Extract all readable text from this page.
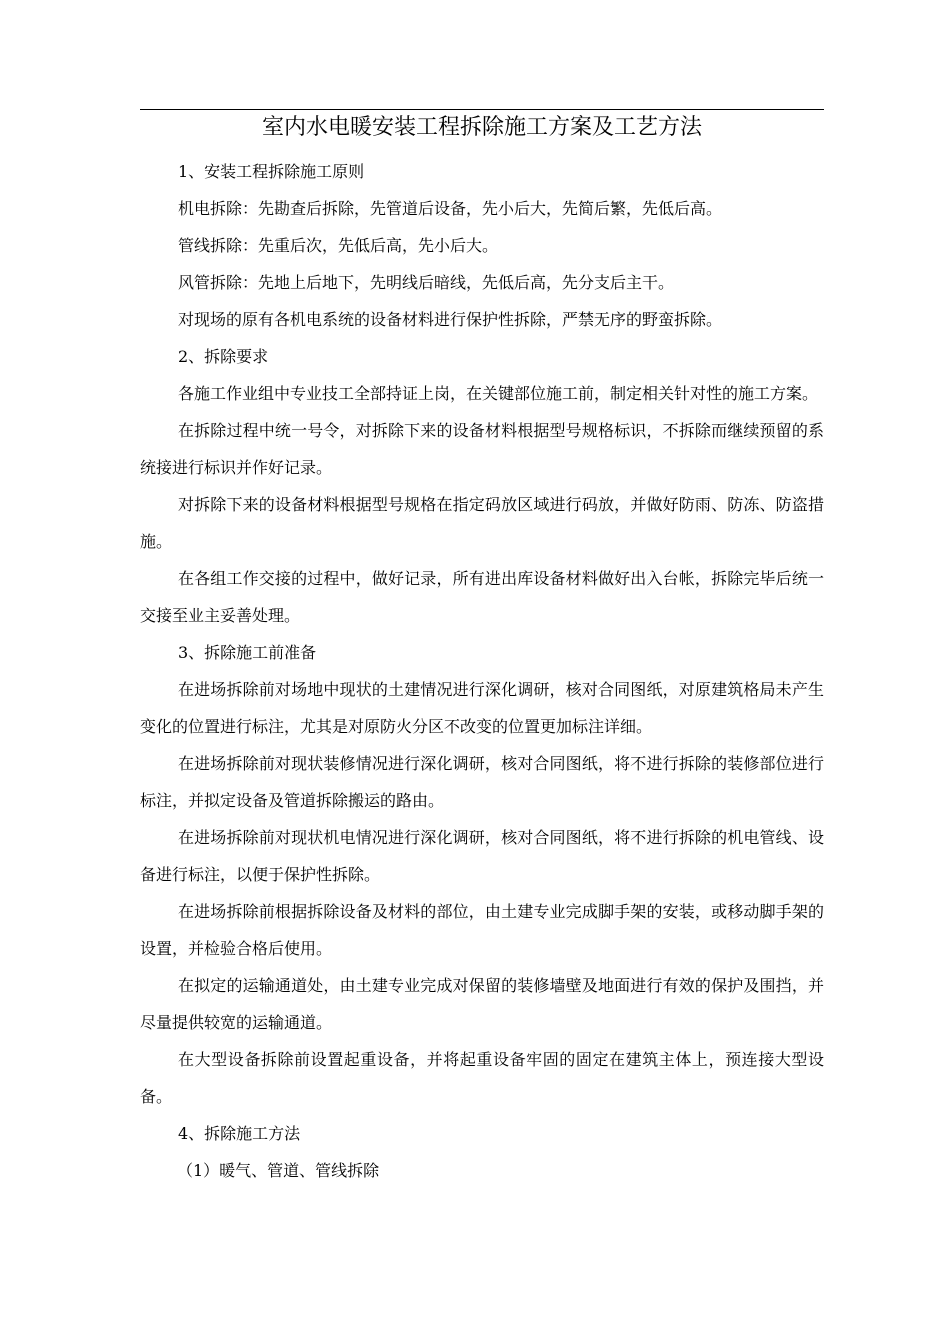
室内水电暖安装工程拆除施工方案及工艺方法

1、安装工程拆除施工原则

机电拆除：先勘查后拆除，先管道后设备，先小后大，先简后繁，先低后高。

管线拆除：先重后次，先低后高，先小后大。

风管拆除：先地上后地下，先明线后暗线，先低后高，先分支后主干。

对现场的原有各机电系统的设备材料进行保护性拆除，严禁无序的野蛮拆除。

2、拆除要求

各施工作业组中专业技工全部持证上岗，在关键部位施工前，制定相关针对性的施工方案。

在拆除过程中统一号令，对拆除下来的设备材料根据型号规格标识，不拆除而继续预留的系统接进行标识并作好记录。

对拆除下来的设备材料根据型号规格在指定码放区域进行码放，并做好防雨、防冻、防盗措施。

在各组工作交接的过程中，做好记录，所有进出库设备材料做好出入台帐，拆除完毕后统一交接至业主妥善处理。

3、拆除施工前准备

在进场拆除前对场地中现状的土建情况进行深化调研，核对合同图纸，对原建筑格局未产生变化的位置进行标注，尤其是对原防火分区不改变的位置更加标注详细。

在进场拆除前对现状装修情况进行深化调研，核对合同图纸，将不进行拆除的装修部位进行标注，并拟定设备及管道拆除搬运的路由。

在进场拆除前对现状机电情况进行深化调研，核对合同图纸，将不进行拆除的机电管线、设备进行标注，以便于保护性拆除。

在进场拆除前根据拆除设备及材料的部位，由土建专业完成脚手架的安装，或移动脚手架的设置，并检验合格后使用。

在拟定的运输通道处，由土建专业完成对保留的装修墙壁及地面进行有效的保护及围挡，并尽量提供较宽的运输通道。

在大型设备拆除前设置起重设备，并将起重设备牢固的固定在建筑主体上，预连接大型设备。

4、拆除施工方法

（1）暖气、管道、管线拆除
